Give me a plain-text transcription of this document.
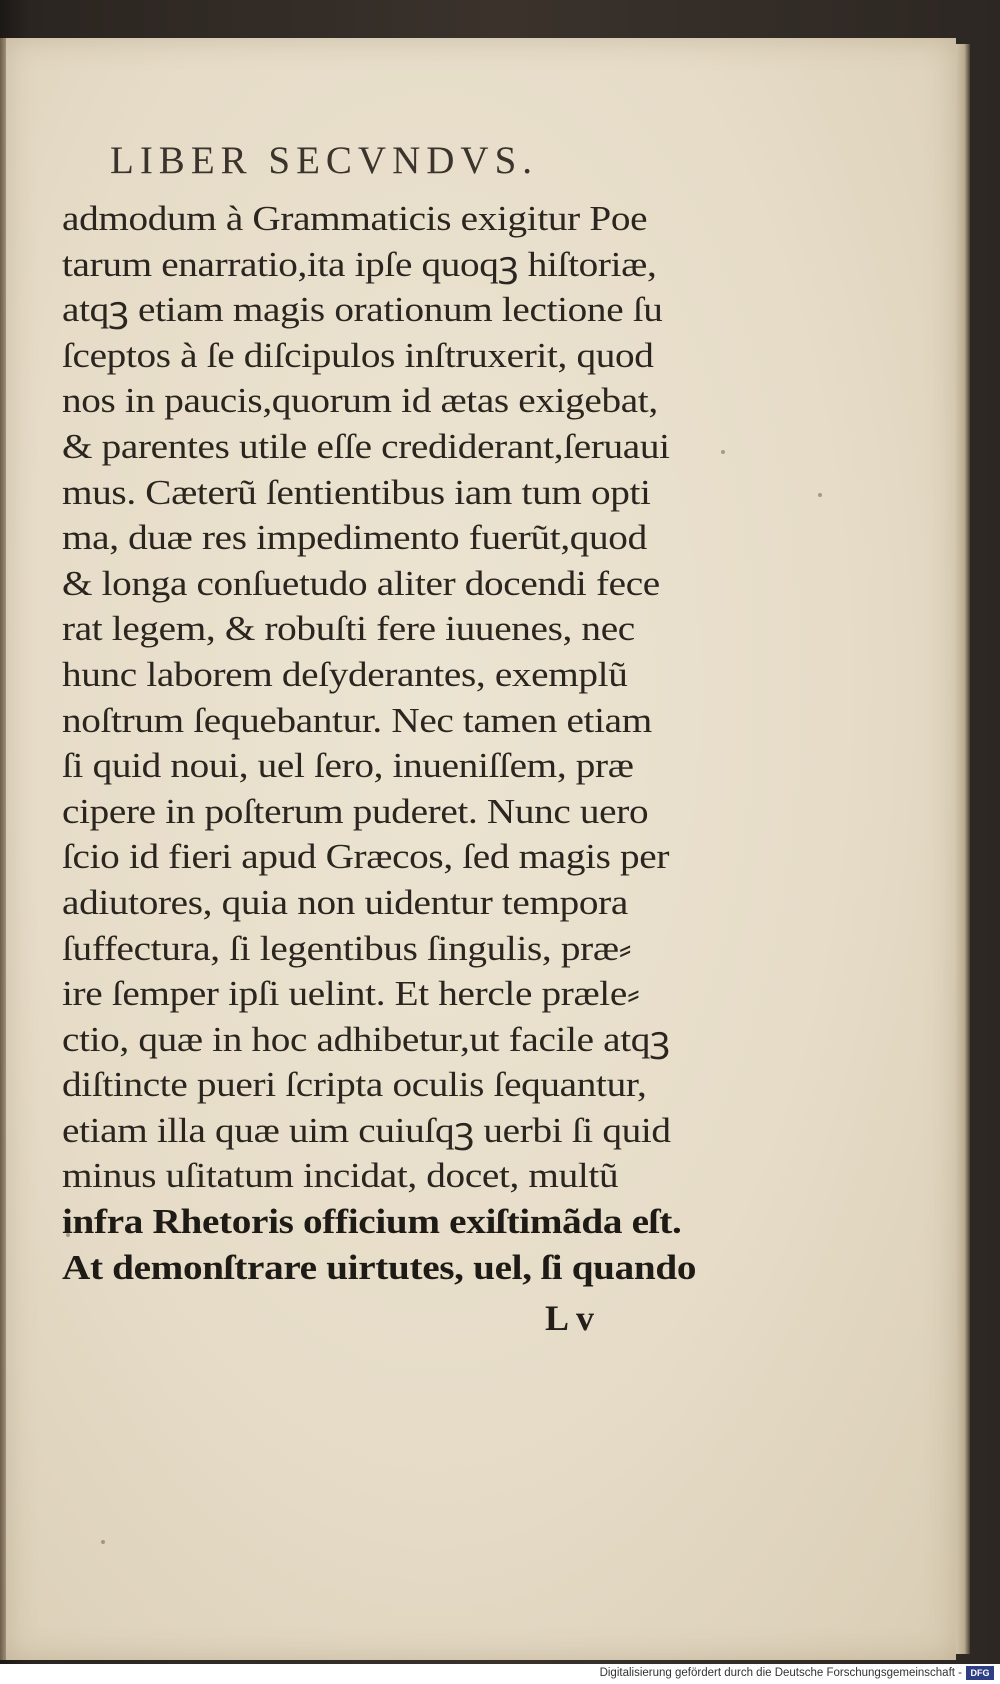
LIBER SECVNDVS.
admodum à Grammaticis exigitur Poe
tarum enarratio,ita ipſe quoqꝫ hiſtoriæ,
atqꝫ etiam magis orationum lectione ſu
ſceptos à ſe diſcipulos inſtruxerit, quod
nos in paucis,quorum id ætas exigebat,
& parentes utile eſſe crediderant,ſeruaui
mus. Cæterũ ſentientibus iam tum opti
ma, duæ res impedimento fuerũt,quod
& longa conſuetudo aliter docendi fece
rat legem, & robuſti fere iuuenes, nec
hunc laborem deſyderantes, exemplũ
noſtrum ſequebantur. Nec tamen etiam
ſi quid noui, uel ſero, inueniſſem, præ
cipere in poſterum puderet. Nunc uero
ſcio id fieri apud Græcos, ſed magis per
adiutores, quia non uidentur tempora
ſuffectura, ſi legentibus ſingulis, præ⸗
ire ſemper ipſi uelint. Et hercle præle⸗
ctio, quæ in hoc adhibetur,ut facile atqꝫ
diſtincte pueri ſcripta oculis ſequantur,
etiam illa quæ uim cuiuſqꝫ uerbi ſi quid
minus uſitatum incidat, docet, multũ
infra Rhetoris officium exiſtimãda eſt.
At demonſtrare uirtutes, uel, ſi quando
L v
Digitalisierung gefördert durch die Deutsche Forschungsgemeinschaft - DFG
